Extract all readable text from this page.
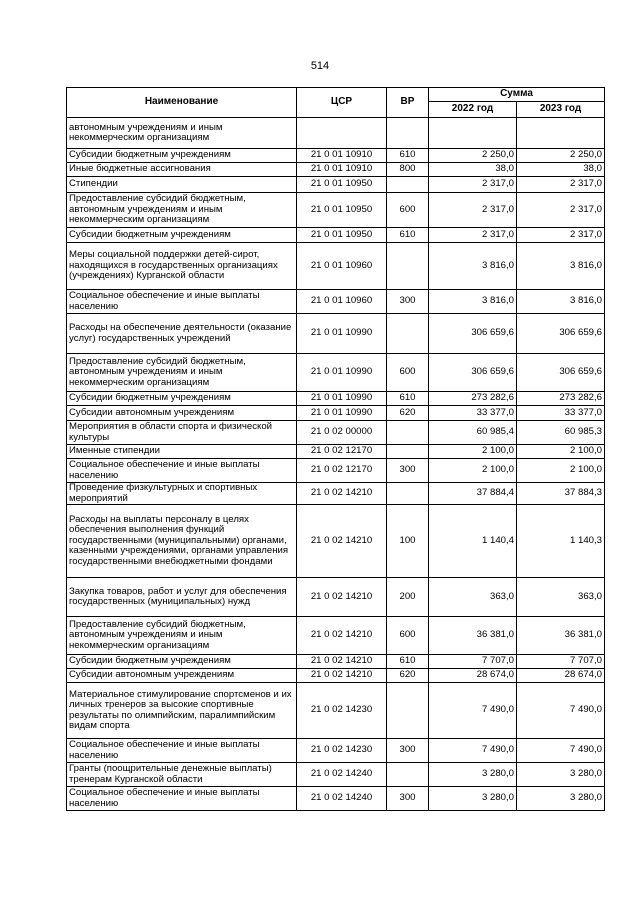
514
Наименование	ЦСР	ВР	Сумма	
			2022 год	2023 год
автономным учреждениям и иным некоммерческим организациям				
Субсидии бюджетным учреждениям	21 0 01 10910	610	2 250,0	2 250,0
Иные бюджетные ассигнования	21 0 01 10910	800	38,0	38,0
Стипендии	21 0 01 10950		2 317,0	2 317,0
Предоставление субсидий бюджетным, автономным учреждениям и иным некоммерческим организациям	21 0 01 10950	600	2 317,0	2 317,0
Субсидии бюджетным учреждениям	21 0 01 10950	610	2 317,0	2 317,0
Меры социальной поддержки детей-сирот, находящихся в государственных организациях (учреждениях) Курганской области	21 0 01 10960		3 816,0	3 816,0
Социальное обеспечение и иные выплаты населению	21 0 01 10960	300	3 816,0	3 816,0
Расходы на обеспечение деятельности (оказание услуг) государственных учреждений	21 0 01 10990		306 659,6	306 659,6
Предоставление субсидий бюджетным, автономным учреждениям и иным некоммерческим организациям	21 0 01 10990	600	306 659,6	306 659,6
Субсидии бюджетным учреждениям	21 0 01 10990	610	273 282,6	273 282,6
Субсидии автономным учреждениям	21 0 01 10990	620	33 377,0	33 377,0
Мероприятия в области спорта и физической культуры	21 0 02 00000		60 985,4	60 985,3
Именные стипендии	21 0 02 12170		2 100,0	2 100,0
Социальное обеспечение и иные выплаты населению	21 0 02 12170	300	2 100,0	2 100,0
Проведение физкультурных и спортивных мероприятий	21 0 02 14210		37 884,4	37 884,3
Расходы на выплаты персоналу в целях обеспечения выполнения функций государственными (муниципальными) органами, казенными учреждениями, органами управления государственными внебюджетными фондами	21 0 02 14210	100	1 140,4	1 140,3
Закупка товаров, работ и услуг для обеспечения государственных (муниципальных) нужд	21 0 02 14210	200	363,0	363,0
Предоставление субсидий бюджетным, автономным учреждениям и иным некоммерческим организациям	21 0 02 14210	600	36 381,0	36 381,0
Субсидии бюджетным учреждениям	21 0 02 14210	610	7 707,0	7 707,0
Субсидии автономным учреждениям	21 0 02 14210	620	28 674,0	28 674,0
Материальное стимулирование спортсменов и их личных тренеров за высокие спортивные результаты по олимпийским, паралимпийским видам спорта	21 0 02 14230		7 490,0	7 490,0
Социальное обеспечение и иные выплаты населению	21 0 02 14230	300	7 490,0	7 490,0
Гранты (поощрительные денежные выплаты) тренерам Курганской области	21 0 02 14240		3 280,0	3 280,0
Социальное обеспечение и иные выплаты населению	21 0 02 14240	300	3 280,0	3 280,0
